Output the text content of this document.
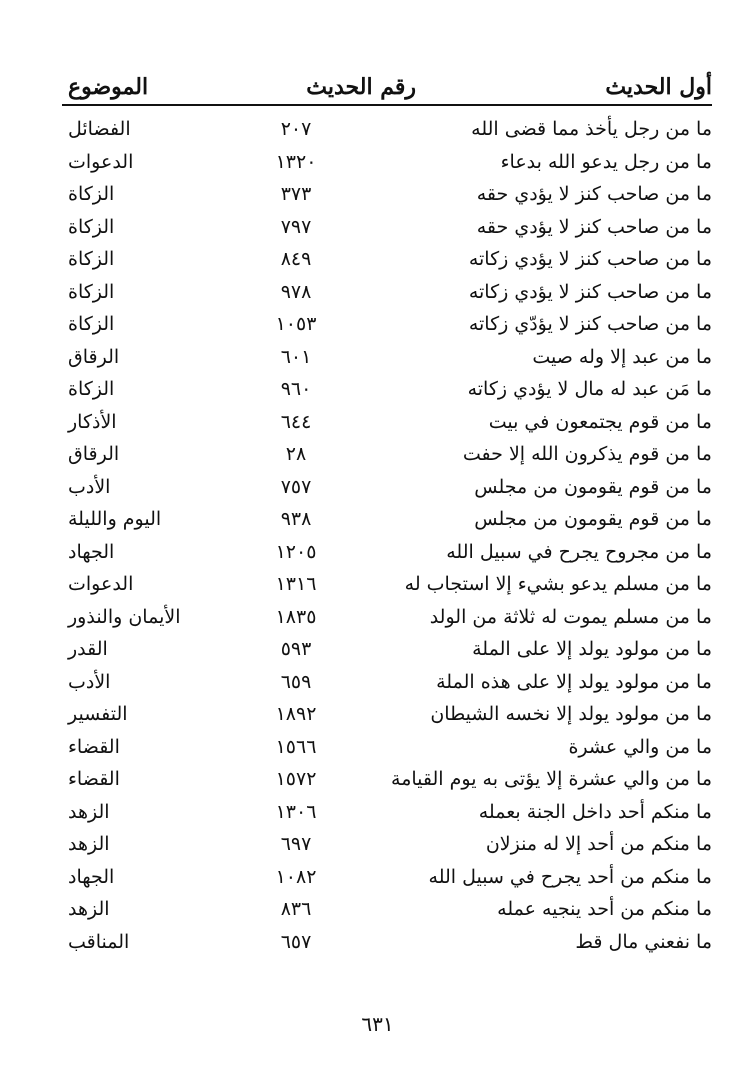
أول الحديث
رقم الحديث
الموضوع
ما من رجل يأخذ مما قضى الله
٢٠٧
الفضائل
ما من رجل يدعو الله بدعاء
١٣٢٠
الدعوات
ما من صاحب كنز لا يؤدي حقه
٣٧٣
الزكاة
ما من صاحب كنز لا يؤدي حقه
٧٩٧
الزكاة
ما من صاحب كنز لا يؤدي زكاته
٨٤٩
الزكاة
ما من صاحب كنز لا يؤدي زكاته
٩٧٨
الزكاة
ما من صاحب كنز لا يؤدّي زكاته
١٠٥٣
الزكاة
ما من عبد إلا وله صيت
٦٠١
الرقاق
ما مَن عبد له مال لا يؤدي زكاته
٩٦٠
الزكاة
ما من قوم يجتمعون في بيت
٦٤٤
الأذكار
ما من قوم يذكرون الله إلا حفت
٢٨
الرقاق
ما من قوم يقومون من مجلس
٧٥٧
الأدب
ما من قوم يقومون من مجلس
٩٣٨
اليوم والليلة
ما من مجروح يجرح في سبيل الله
١٢٠٥
الجهاد
ما من مسلم يدعو بشيء إلا استجاب له
١٣١٦
الدعوات
ما من مسلم يموت له ثلاثة من الولد
١٨٣٥
الأيمان والنذور
ما من مولود يولد إلا على الملة
٥٩٣
القدر
ما من مولود يولد إلا على هذه الملة
٦٥٩
الأدب
ما من مولود يولد إلا نخسه الشيطان
١٨٩٢
التفسير
ما من والي عشرة
١٥٦٦
القضاء
ما من والي عشرة إلا يؤتى به يوم القيامة
١٥٧٢
القضاء
ما منكم أحد داخل الجنة بعمله
١٣٠٦
الزهد
ما منكم من أحد إلا له منزلان
٦٩٧
الزهد
ما منكم من أحد يجرح في سبيل الله
١٠٨٢
الجهاد
ما منكم من أحد ينجيه عمله
٨٣٦
الزهد
ما نفعني مال قط
٦٥٧
المناقب
٦٣١
